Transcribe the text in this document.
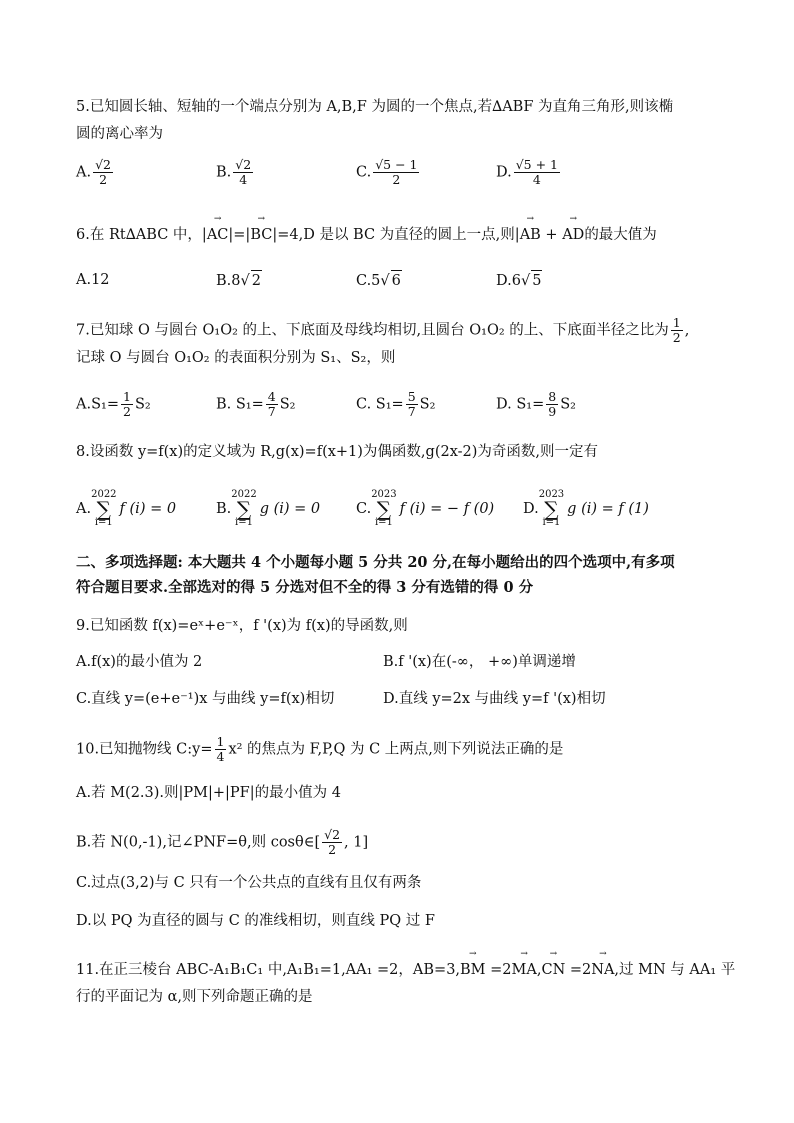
5.已知圆长轴、短轴的一个端点分别为 A,B,F 为圆的一个焦点,若∆ABF 为直角三角形,则该椭
圆的离心率为
A. $\frac{√2}{2}$	B. $\frac{√2}{4}$	C. $\frac{√5 - 1}{2}$	D. $\frac{√5 + 1}{4}$
6.在 Rt∆ABC 中，|→ AC|=|→ BC|=4,D 是以 BC 为直径的圆上一点,则|→ AB + → AD的最大值为
A.12	B.8√ 2	C.5√ 6	D.6√ 5
7.已知球 O 与圆台 O₁O₂ 的上、下底面及母线均相切,且圆台 O₁O₂ 的上、下底面半径之比为 $\frac{1}{2}$ ,
记球 O 与圆台 O₁O₂ 的表面积分别为 S₁、S₂，则
$A.S_1= \frac{1}{2} S_2$	B. $S_1= \frac{4}{7} S_2$	C. $S_1= \frac{5}{7} S_2$	D. $S_1= \frac{8}{9} S_2$
8.设函数 y=f(x)的定义域为 R,g(x)=f(x+1)为偶函数,g(2x-2)为奇函数,则一定有
A.
2022
∑
i=1
f (i) = 0	B.
2022
∑
i=1
g (i) = 0 C.
2023
∑
i=1
f (i) = − f (0) D.
2023
∑
i=1
g (i) = f (1)
二、多项选择题: 本大题共 4 个小题每小题 5 分共 20 分,在每小题给出的四个选项中,有多项
符合题目要求.全部选对的得 5 分选对但不全的得 3 分有选错的得 0 分
9.已知函数 f(x)=eˣ+e⁻ˣ，f '(x)为 f(x)的导函数,则
A.f(x)的最小值为 2	B.f '(x)在(-∞， +∞)单调递增
C.直线 y=(e+e⁻¹)x 与曲线 y=f(x)相切	D.直线 y=2x 与曲线 y=f '(x)相切
10.已知抛物线 C:y= $\frac{1}{4} x^2$ 的焦点为 F,P,Q 为 C 上两点,则下列说法正确的是
A.若 M(2.3).则|PM|+|PF|的最小值为 4
B.若 N(0,-1),记∠PNF=θ,则 cosθ∈[ $\frac{√2}{2}$ , 1]
C.过点(3,2)与 C 只有一个公共点的直线有且仅有两条
D.以 PQ 为直径的圆与 C 的准线相切，则直线 PQ 过 F
11.在正三棱台 ABC-A₁B₁C₁ 中,A₁B₁=1,AA₁ =2，AB=3,→ BM =2→ MA,→ CN =2→ NA,过 MN 与 AA₁ 平
行的平面记为 α,则下列命题正确的是
